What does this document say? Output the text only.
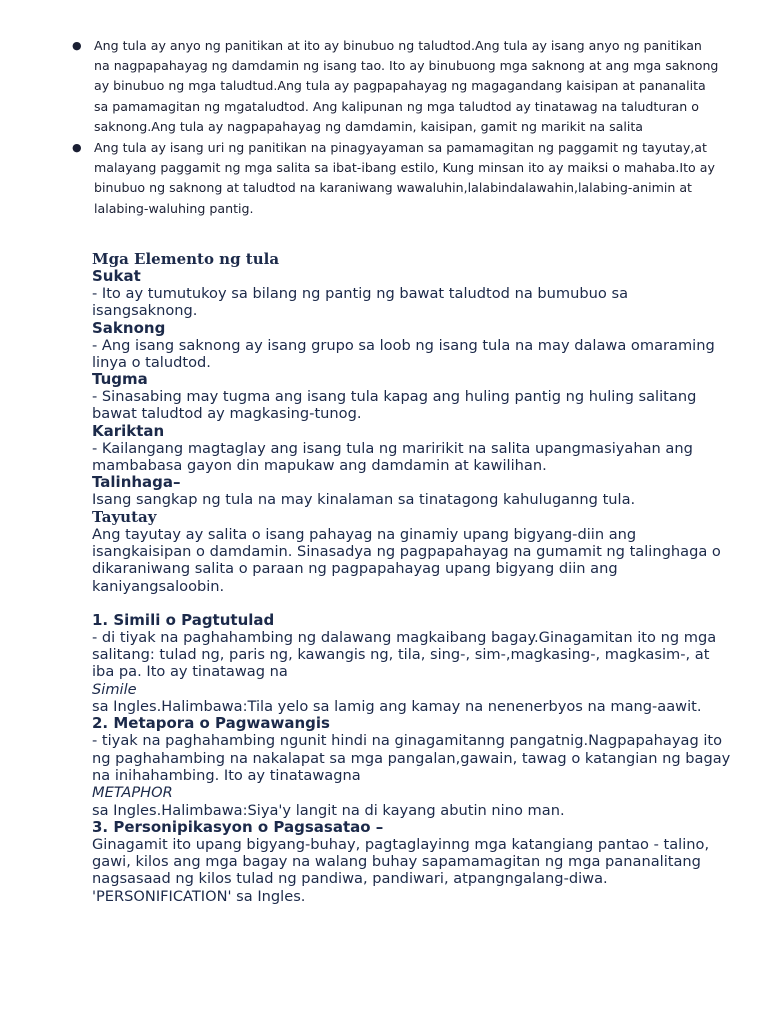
● Ang tula ay anyo ng panitikan at ito ay binubuo ng taludtod.Ang tula ay isang anyo ng panitikan na nagpapahayag ng damdamin ng isang tao. Ito ay binubuong mga saknong at ang mga saknong ay binubuo ng mga taludtud.Ang tula ay pagpapahayag ng magagandang kaisipan at pananalita sa pamamagitan ng mgataludtod. Ang kalipunan ng mga taludtod ay tinatawag na taludturan o saknong.Ang tula ay nagpapahayag ng damdamin, kaisipan, gamit ng marikit na salita
● Ang tula ay isang uri ng panitikan na pinagyayaman sa pamamagitan ng paggamit ng tayutay,at malayang paggamit ng mga salita sa ibat-ibang estilo, Kung minsan ito ay maiksi o mahaba.Ito ay binubuo ng saknong at taludtod na karaniwang wawaluhin,lalabindalawahin,lalabing-animin at lalabing-waluhing pantig.

Mga Elemento ng tula

Sukat

- Ito ay tumutukoy sa bilang ng pantig ng bawat taludtod na bumubuo sa isangsaknong.

Saknong

- Ang isang saknong ay isang grupo sa loob ng isang tula na may dalawa omaraming linya o taludtod.

Tugma

- Sinasabing may tugma ang isang tula kapag ang huling pantig ng huling salitang bawat taludtod ay magkasing-tunog.

Kariktan

- Kailangang magtaglay ang isang tula ng maririkit na salita upangmasiyahan ang mambabasa gayon din mapukaw ang damdamin at kawilihan.

Talinhaga–

Isang sangkap ng tula na may kinalaman sa tinatagong kahuluganng tula.

Tayutay

Ang tayutay ay salita o isang pahayag na ginamiy upang bigyang-diin ang isangkaisipan o damdamin. Sinasadya ng pagpapahayag na gumamit ng talinghaga o dikaraniwang salita o paraan ng pagpapahayag upang bigyang diin ang kaniyangsaloobin.

1. Simili o Pagtutulad

- di tiyak na paghahambing ng dalawang magkaibang bagay.Ginagamitan ito ng mga salitang: tulad ng, paris ng, kawangis ng, tila, sing-, sim-,magkasing-, magkasim-, at iba pa. Ito ay tinatawag na

Simile

sa Ingles.Halimbawa:Tila yelo sa lamig ang kamay na nenenerbyos na mang-aawit.

2. Metapora o Pagwawangis

- tiyak na paghahambing ngunit hindi na ginagamitanng pangatnig.Nagpapahayag ito ng paghahambing na nakalapat sa mga pangalan,gawain, tawag o katangian ng bagay na inihahambing. Ito ay tinatawagna

METAPHOR

sa Ingles.Halimbawa:Siya'y langit na di kayang abutin nino man.

3. Personipikasyon o Pagsasatao –

Ginagamit ito upang bigyang-buhay, pagtaglayinng mga katangiang pantao - talino, gawi, kilos ang mga bagay na walang buhay sapamamagitan ng mga pananalitang nagsasaad ng kilos tulad ng pandiwa, pandiwari, atpangngalang-diwa. 'PERSONIFICATION' sa Ingles.
